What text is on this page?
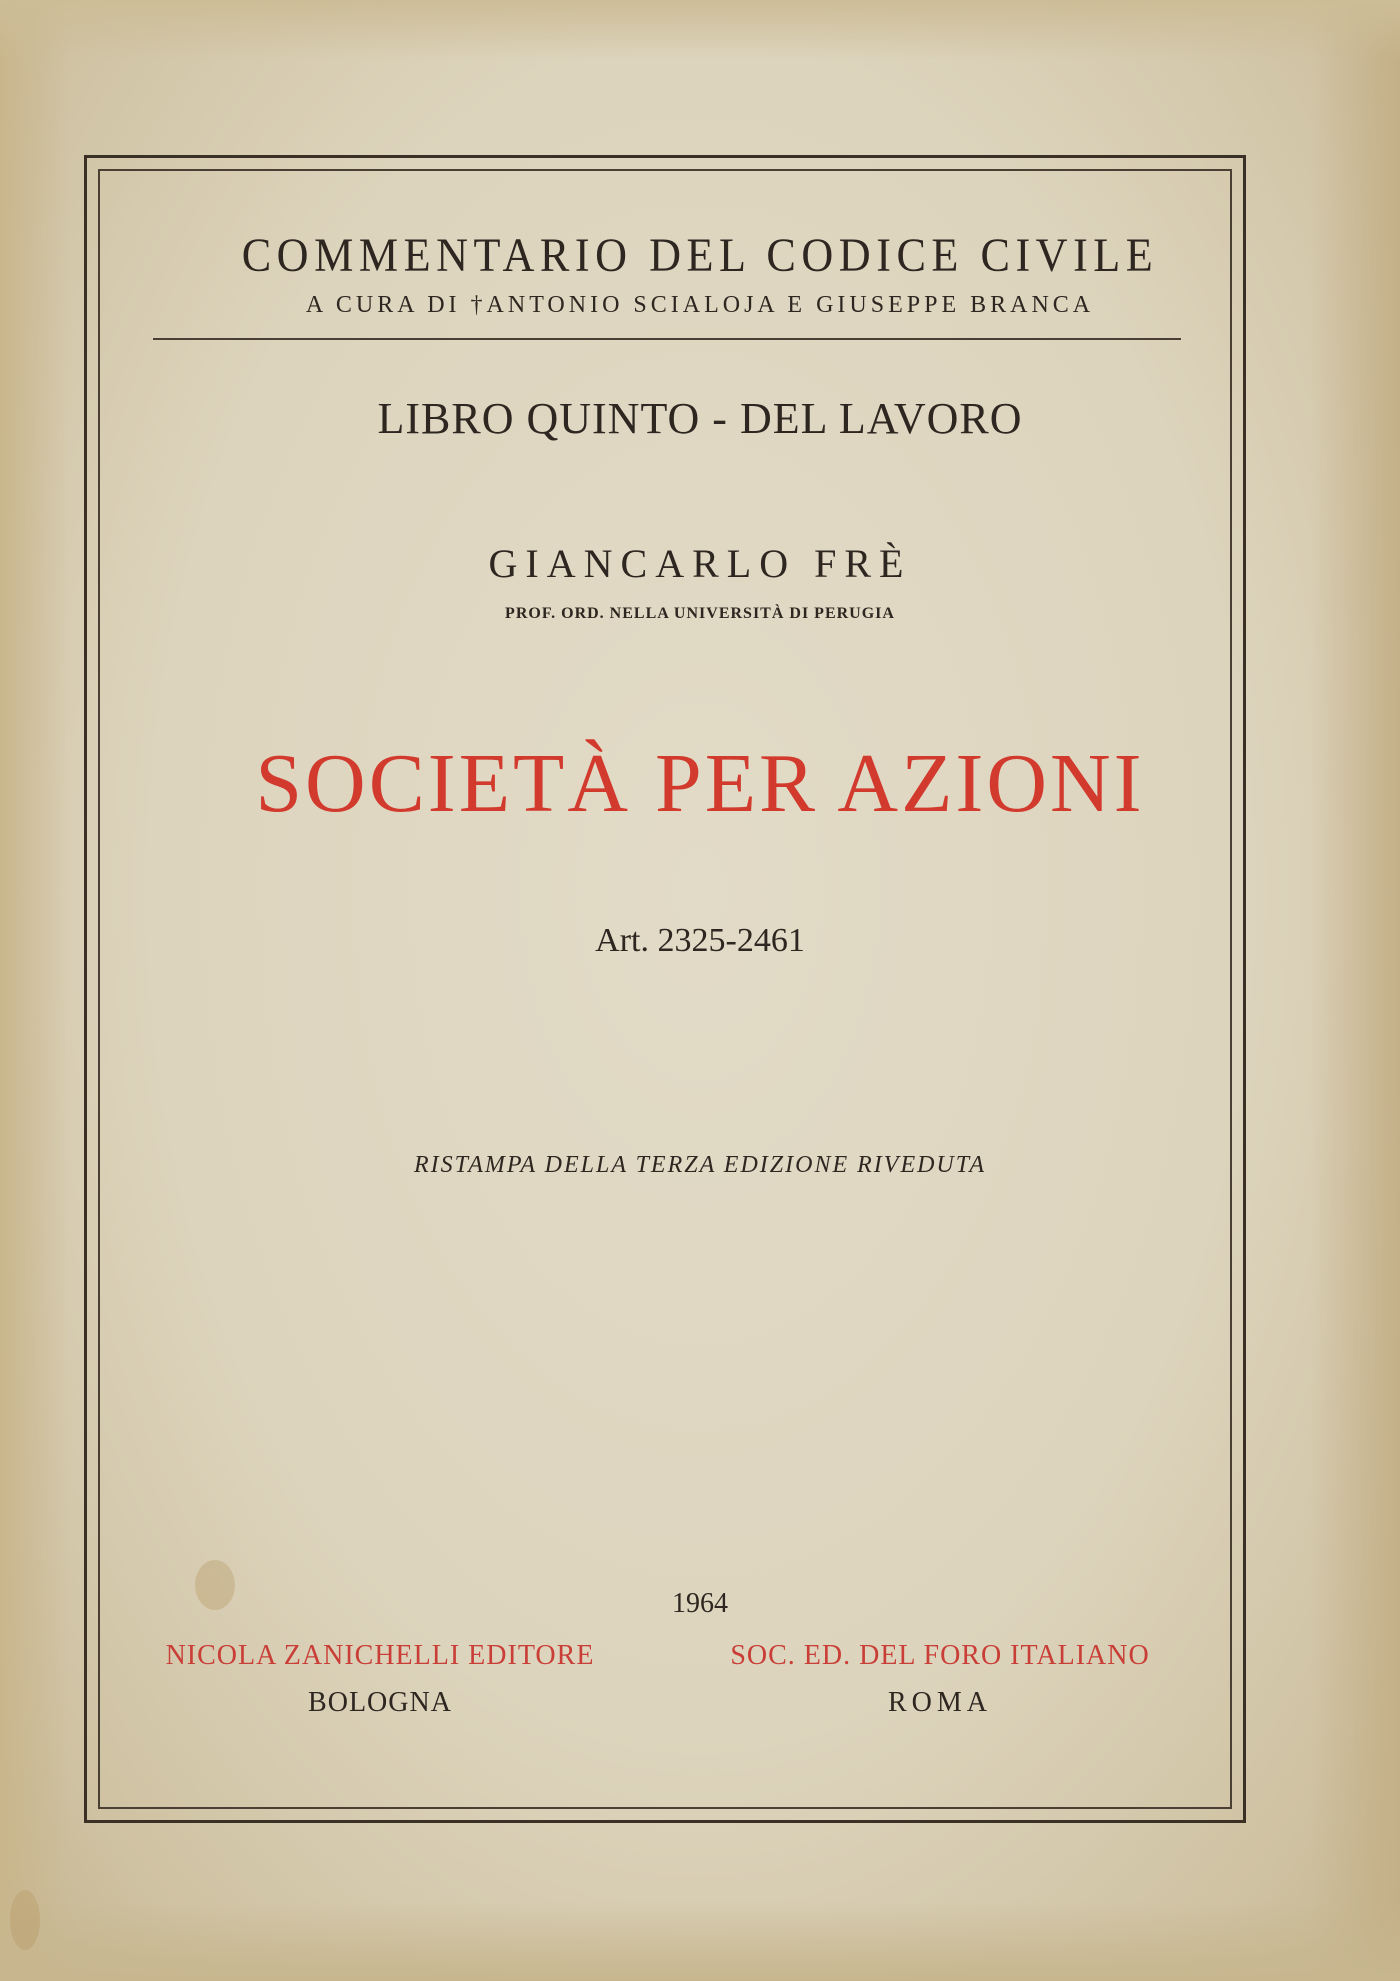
COMMENTARIO DEL CODICE CIVILE
A CURA DI †ANTONIO SCIALOJA E GIUSEPPE BRANCA
LIBRO QUINTO - DEL LAVORO
GIANCARLO FRÈ
PROF. ORD. NELLA UNIVERSITÀ DI PERUGIA
SOCIETÀ PER AZIONI
Art. 2325-2461
RISTAMPA DELLA TERZA EDIZIONE RIVEDUTA
1964
NICOLA ZANICHELLI EDITORE	SOC. ED. DEL FORO ITALIANO
BOLOGNA	ROMA
